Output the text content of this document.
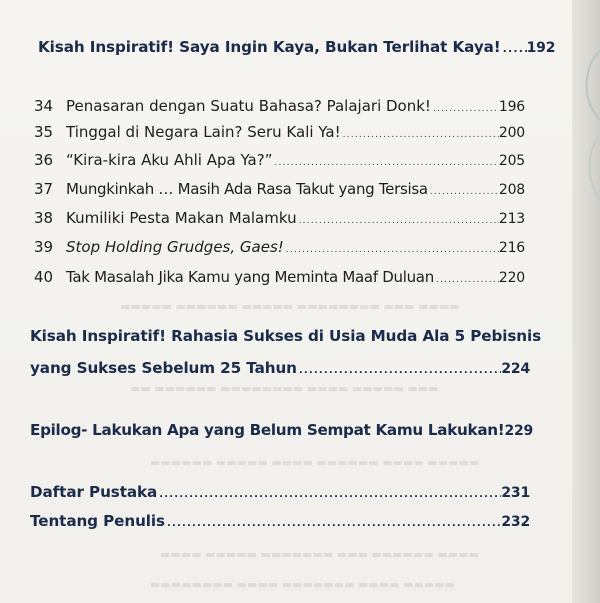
▬▬▬▬ ▬▬▬ ▬▬▬▬▬▬▬▬ ▬▬▬▬▬ ▬▬▬▬▬▬ ▬▬▬▬▬
▬▬▬ ▬▬▬▬▬ ▬▬▬▬ ▬▬▬▬▬▬▬▬ ▬▬▬▬▬▬ ▬▬
▬▬▬▬▬ ▬▬▬▬ ▬▬▬▬▬▬ ▬▬▬▬ ▬▬▬▬▬ ▬▬▬▬▬▬
▬▬▬▬ ▬▬▬▬▬▬ ▬▬▬ ▬▬▬▬▬▬▬ ▬▬▬▬▬ ▬▬▬▬
▬▬▬▬▬ ▬▬▬▬ ▬▬▬▬▬▬▬ ▬▬▬▬ ▬▬▬▬▬▬▬▬
Kisah Inspiratif! Saya Ingin Kaya, Bukan Terlihat Kaya! ..... 192
34 Penasaran dengan Suatu Bahasa? Palajari Donk! .....	196
35 Tinggal di Negara Lain? Seru Kali Ya! .....	200
36 “Kira-kira Aku Ahli Apa Ya?” .....	205
37 Mungkinkah … Masih Ada Rasa Takut yang Tersisa .....	208
38 Kumiliki Pesta Makan Malamku .....	213
39 Stop Holding Grudges, Gaes! .....	216
40 Tak Masalah Jika Kamu yang Meminta Maaf Duluan .....	220
Kisah Inspiratif! Rahasia Sukses di Usia Muda Ala 5 Pebisnis
yang Sukses Sebelum 25 Tahun .....	224
Epilog- Lakukan Apa yang Belum Sempat Kamu Lakukan! 229
Daftar Pustaka .....	231
Tentang Penulis .....	232
